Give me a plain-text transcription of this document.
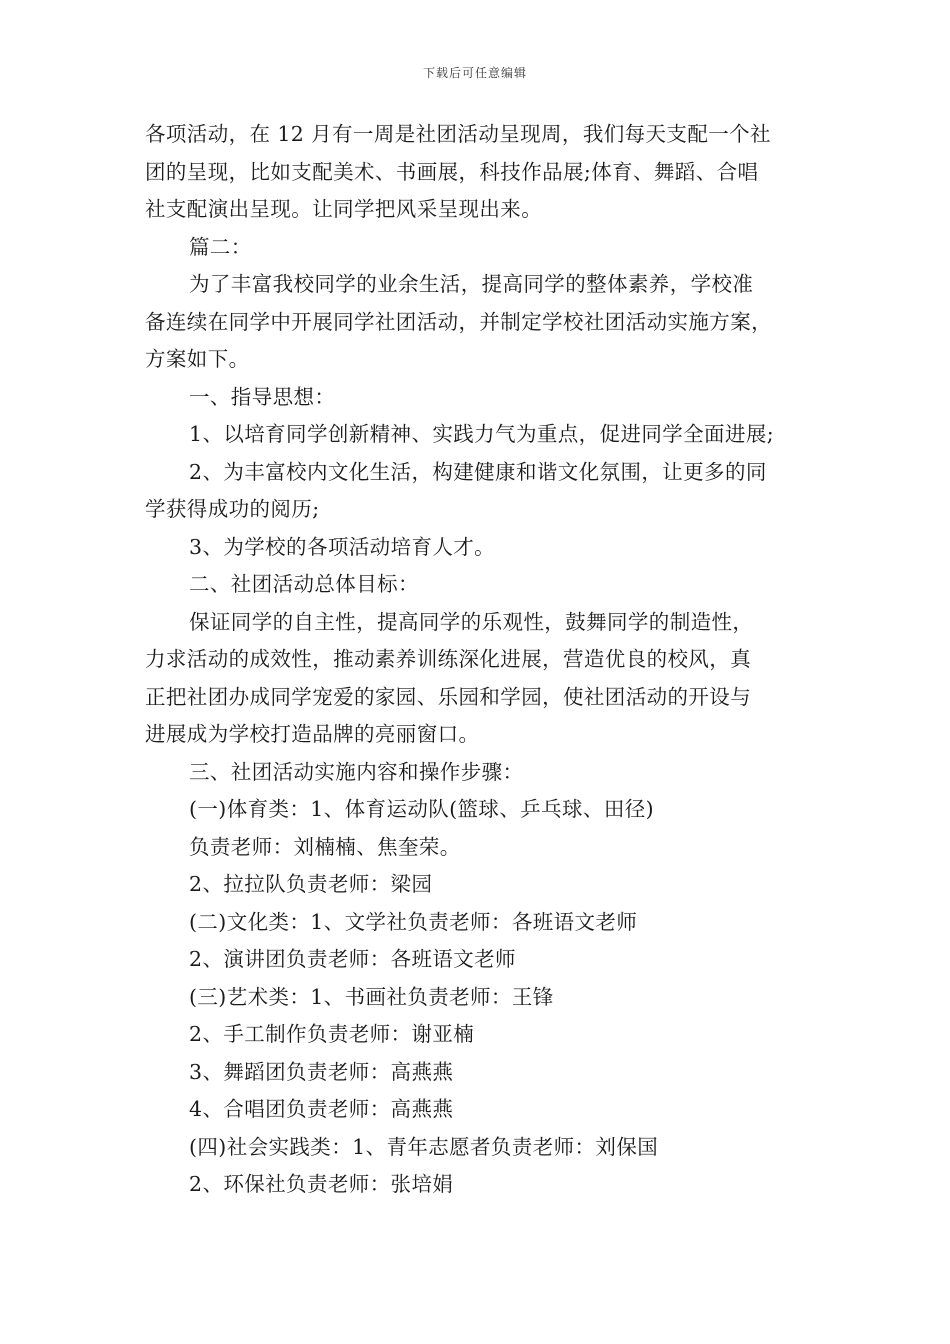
下载后可任意编辑
各项活动，在 12 月有一周是社团活动呈现周，我们每天支配一个社
团的呈现，比如支配美术、书画展，科技作品展;体育、舞蹈、合唱
社支配演出呈现。让同学把风采呈现出来。
篇二：
为了丰富我校同学的业余生活，提高同学的整体素养，学校准
备连续在同学中开展同学社团活动，并制定学校社团活动实施方案，
方案如下。
一、指导思想：
1、以培育同学创新精神、实践力气为重点，促进同学全面进展;
2、为丰富校内文化生活，构建健康和谐文化氛围，让更多的同
学获得成功的阅历;
3、为学校的各项活动培育人才。
二、社团活动总体目标：
保证同学的自主性，提高同学的乐观性，鼓舞同学的制造性，
力求活动的成效性，推动素养训练深化进展，营造优良的校风，真
正把社团办成同学宠爱的家园、乐园和学园，使社团活动的开设与
进展成为学校打造品牌的亮丽窗口。
三、社团活动实施内容和操作步骤：
(一)体育类：1、体育运动队(篮球、乒乓球、田径)
负责老师：刘楠楠、焦奎荣。
2、拉拉队负责老师：梁园
(二)文化类：1、文学社负责老师：各班语文老师
2、演讲团负责老师：各班语文老师
(三)艺术类：1、书画社负责老师：王锋
2、手工制作负责老师：谢亚楠
3、舞蹈团负责老师：高燕燕
4、合唱团负责老师：高燕燕
(四)社会实践类：1、青年志愿者负责老师：刘保国
2、环保社负责老师：张培娟
